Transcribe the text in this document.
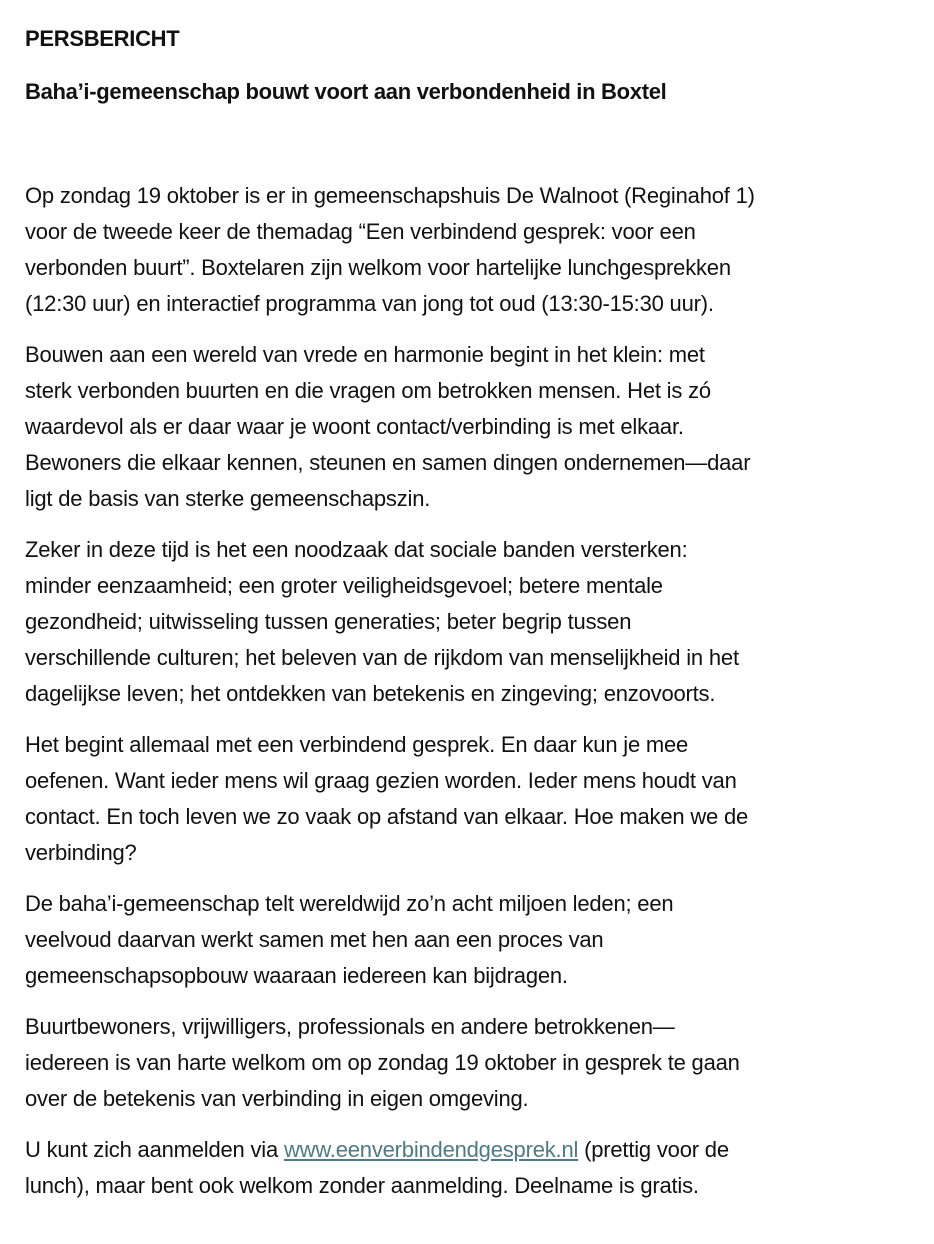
PERSBERICHT
Baha’i-gemeenschap bouwt voort aan verbondenheid in Boxtel

Op zondag 19 oktober is er in gemeenschapshuis De Walnoot (Reginahof 1)
voor de tweede keer de themadag “Een verbindend gesprek: voor een
verbonden buurt”. Boxtelaren zijn welkom voor hartelijke lunchgesprekken
(12:30 uur) en interactief programma van jong tot oud (13:30-15:30 uur).

Bouwen aan een wereld van vrede en harmonie begint in het klein: met
sterk verbonden buurten en die vragen om betrokken mensen. Het is zó
waardevol als er daar waar je woont contact/verbinding is met elkaar.
Bewoners die elkaar kennen, steunen en samen dingen ondernemen—daar
ligt de basis van sterke gemeenschapszin.

Zeker in deze tijd is het een noodzaak dat sociale banden versterken:
minder eenzaamheid; een groter veiligheidsgevoel; betere mentale
gezondheid; uitwisseling tussen generaties; beter begrip tussen
verschillende culturen; het beleven van de rijkdom van menselijkheid in het
dagelijkse leven; het ontdekken van betekenis en zingeving; enzovoorts.

Het begint allemaal met een verbindend gesprek. En daar kun je mee
oefenen. Want ieder mens wil graag gezien worden. Ieder mens houdt van
contact. En toch leven we zo vaak op afstand van elkaar. Hoe maken we de
verbinding?

De baha’i-gemeenschap telt wereldwijd zo’n acht miljoen leden; een
veelvoud daarvan werkt samen met hen aan een proces van
gemeenschapsopbouw waaraan iedereen kan bijdragen.

Buurtbewoners, vrijwilligers, professionals en andere betrokkenen—
iedereen is van harte welkom om op zondag 19 oktober in gesprek te gaan
over de betekenis van verbinding in eigen omgeving.

U kunt zich aanmelden via www.eenverbindendgesprek.nl (prettig voor de
lunch), maar bent ook welkom zonder aanmelding. Deelname is gratis.
